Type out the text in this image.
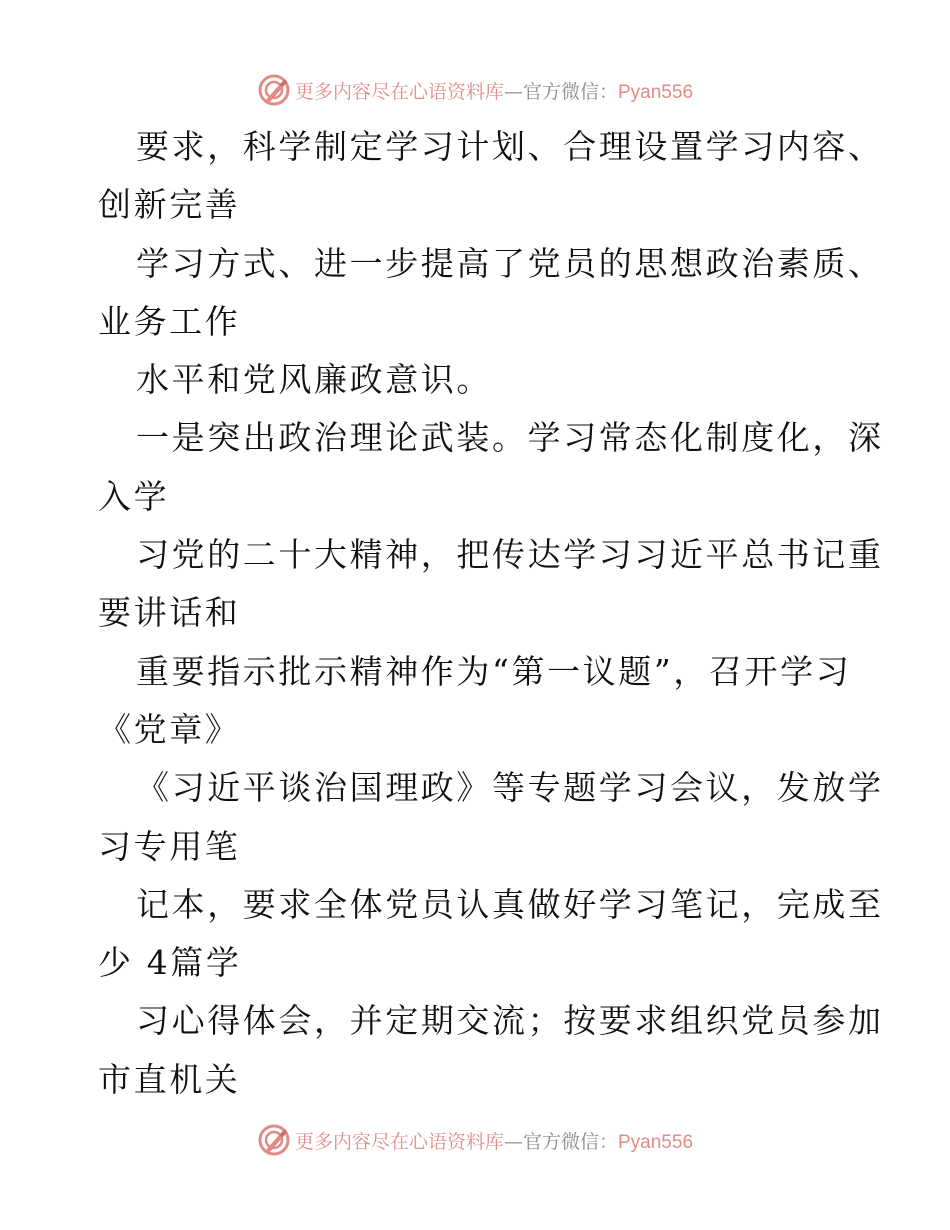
更多内容尽在心语资料库—官方微信：Pyan556
要求，科学制定学习计划、合理设置学习内容、
创新完善
学习方式、进一步提高了党员的思想政治素质、
业务工作
水平和党风廉政意识。
一是突出政治理论武装。学习常态化制度化，深
入学
习党的二十大精神，把传达学习习近平总书记重
要讲话和
重要指示批示精神作为“第一议题”，召开学习
《党章》
《习近平谈治国理政》等专题学习会议，发放学
习专用笔
记本，要求全体党员认真做好学习笔记，完成至
少 4篇学
习心得体会，并定期交流；按要求组织党员参加
市直机关
更多内容尽在心语资料库—官方微信：Pyan556
